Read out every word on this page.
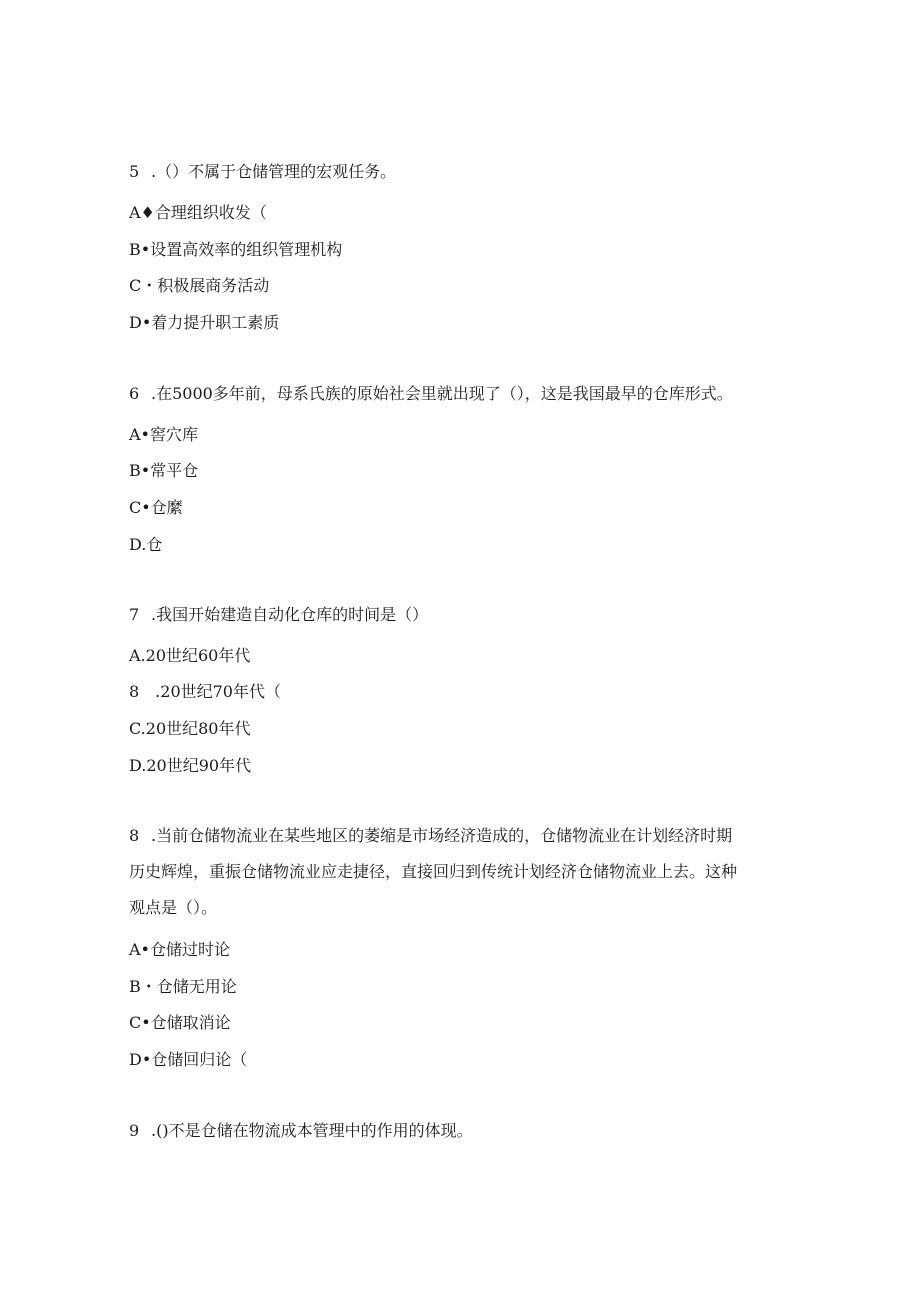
5 .（）不属于仓储管理的宏观任务。
A♦合理组织收发（
B•设置高效率的组织管理机构
C・积极展商务活动
D•着力提升职工素质
6 .在5000多年前，母系氏族的原始社会里就出现了（），这是我国最早的仓库形式。
A•窖穴库
B•常平仓
C•仓縻
D.仓
7 .我国开始建造自动化仓库的时间是（）
A.20世纪60年代
8　.20世纪70年代（
C.20世纪80年代
D.20世纪90年代
8 .当前仓储物流业在某些地区的萎缩是市场经济造成的，仓储物流业在计划经济时期
历史辉煌，重振仓储物流业应走捷径，直接回归到传统计划经济仓储物流业上去。这种
观点是（）。
A•仓储过时论
B・仓储无用论
C•仓储取消论
D•仓储回归论（
9 .()不是仓储在物流成本管理中的作用的体现。
